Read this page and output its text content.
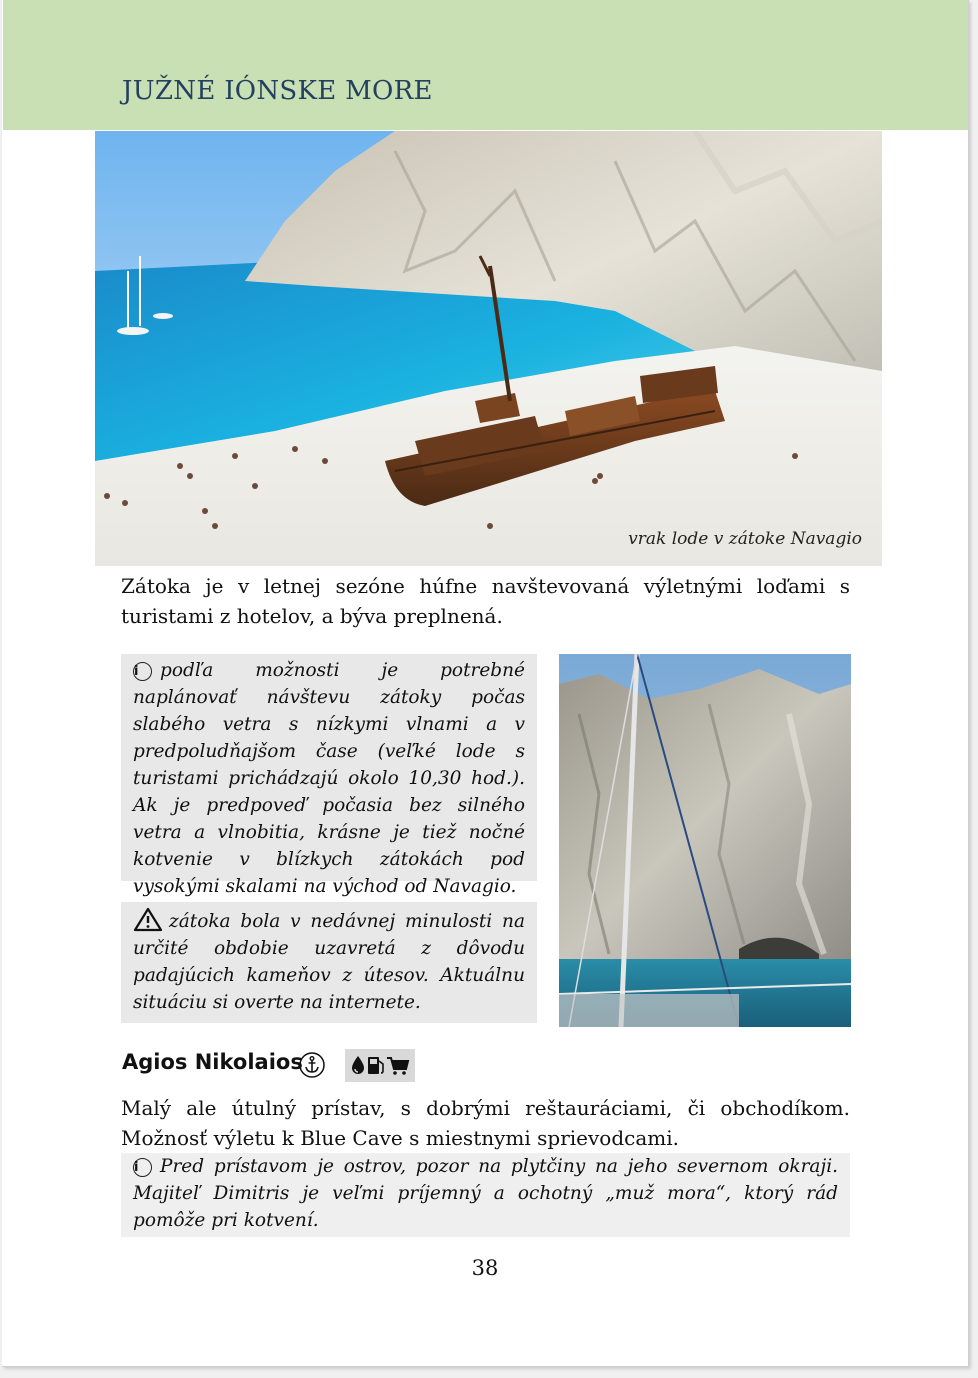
JUŽNÉ IÓNSKE MORE
vrak lode v zátoke Navagio
Zátoka je v letnej sezóne húfne navštevovaná výletnými loďami s turistami z hotelov, a býva preplnená.
i podľa možnosti je potrebné naplánovať návštevu zátoky počas slabého vetra s nízkymi vlnami a v predpoludňajšom čase (veľké lode s turistami prichádzajú okolo 10,30 hod.). Ak je predpoveď počasia bez silného vetra a vlnobitia, krásne je tiež nočné kotvenie v blízkych zátokách pod vysokými skalami na východ od Navagio.
zátoka bola v nedávnej minulosti na určité obdobie uzavretá z dôvodu padajúcich kameňov z útesov. Aktuálnu situáciu si overte na internete.
Agios Nikolaios
Malý ale útulný prístav, s dobrými reštauráciami, či obchodíkom. Možnosť výletu k Blue Cave s miestnymi sprievodcami.
i Pred prístavom je ostrov, pozor na plytčiny na jeho severnom okraji. Majiteľ Dimitris je veľmi príjemný a ochotný „muž mora“, ktorý rád pomôže pri kotvení.
38
